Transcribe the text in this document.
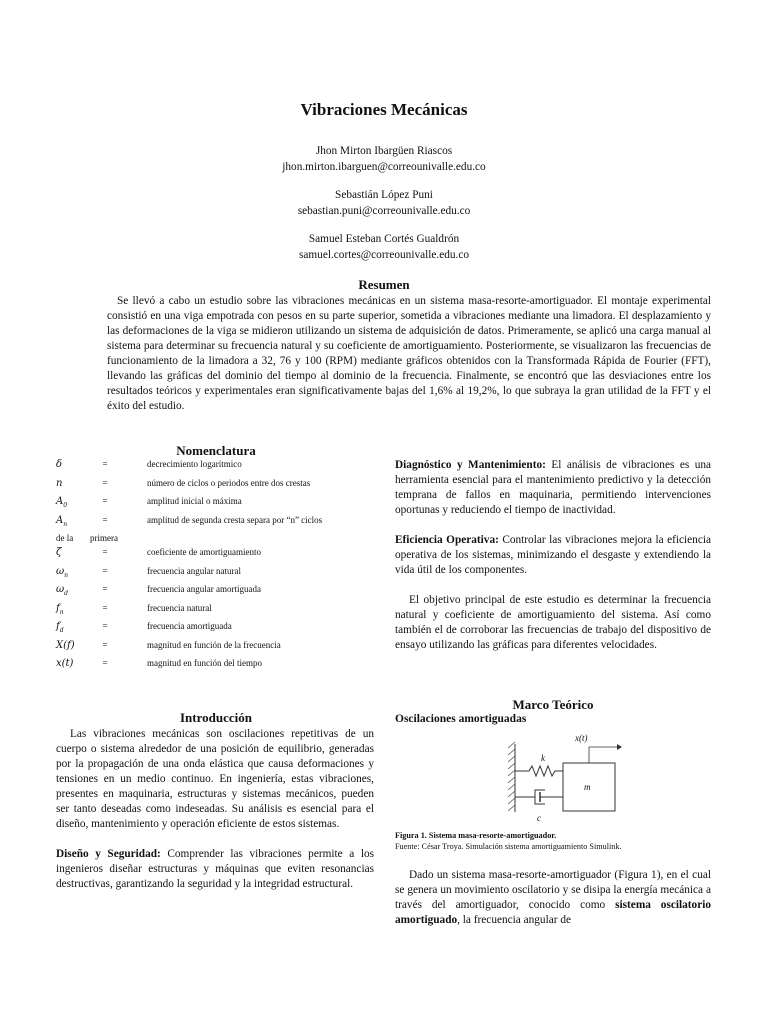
Vibraciones Mecánicas
Jhon Mirton Ibargüen Riascos
jhon.mirton.ibarguen@correounivalle.edu.co
Sebastián López Puni
sebastian.puni@correounivalle.edu.co
Samuel Esteban Cortés Gualdrón
samuel.cortes@correounivalle.edu.co
Resumen

Se llevó a cabo un estudio sobre las vibraciones mecánicas en un sistema masa-resorte-amortiguador. El montaje experimental consistió en una viga empotrada con pesos en su parte superior, sometida a vibraciones mediante una limadora. El desplazamiento y las deformaciones de la viga se midieron utilizando un sistema de adquisición de datos. Primeramente, se aplicó una carga manual al sistema para determinar su frecuencia natural y su coeficiente de amortiguamiento. Posteriormente, se visualizaron las frecuencias de funcionamiento de la limadora a 32, 76 y 100 (RPM) mediante gráficos obtenidos con la Transformada Rápida de Fourier (FFT), llevando las gráficas del dominio del tiempo al dominio de la frecuencia. Finalmente, se encontró que las desviaciones entre los resultados teóricos y experimentales eran significativamente bajas del 1,6% al 19,2%, lo que subraya la gran utilidad de la FFT y el éxito del estudio.

Nomenclatura
δ	=	decrecimiento logarítmico
n	=	número de ciclos o periodos entre dos crestas
$A_0$	=	amplitud inicial o máxima
$A_n$	=	amplitud de segunda cresta separa por “n” ciclos
de la primera
ζ	=	coeficiente de amortiguamiento
$\omega_n$	=	frecuencia angular natural
$\omega_d$	=	frecuencia angular amortiguada
$f_n$	=	frecuencia natural
$f_d$	=	frecuencia amortiguada
X(f)	=	magnitud en función de la frecuencia
x(t)	=	magnitud en función del tiempo
Introducción

Las vibraciones mecánicas son oscilaciones repetitivas de un cuerpo o sistema alrededor de una posición de equilibrio, generadas por la propagación de una onda elástica que causa deformaciones y tensiones en un medio continuo. En ingeniería, estas vibraciones, presentes en maquinaria, estructuras y sistemas mecánicos, pueden ser tanto deseadas como indeseadas. Su análisis es esencial para el diseño, mantenimiento y operación eficiente de estos sistemas.

Diseño y Seguridad: Comprender las vibraciones permite a los ingenieros diseñar estructuras y máquinas que eviten resonancias destructivas, garantizando la seguridad y la integridad estructural.

Diagnóstico y Mantenimiento: El análisis de vibraciones es una herramienta esencial para el mantenimiento predictivo y la detección temprana de fallos en maquinaria, permitiendo intervenciones oportunas y reduciendo el tiempo de inactividad.

Eficiencia Operativa: Controlar las vibraciones mejora la eficiencia operativa de los sistemas, minimizando el desgaste y extendiendo la vida útil de los componentes.

El objetivo principal de este estudio es determinar la frecuencia natural y coeficiente de amortiguamiento del sistema. Así como también el de corroborar las frecuencias de trabajo del dispositivo de ensayo utilizando las gráficas para diferentes velocidades.

Marco Teórico
Oscilaciones amortiguadas
x(t)
k
m
c
Figura 1. Sistema masa-resorte-amortiguador.
Fuente: César Troya. Simulación sistema amortiguamiento Simulink.

Dado un sistema masa-resorte-amortiguador (Figura 1), en el cual se genera un movimiento oscilatorio y se disipa la energía mecánica a través del amortiguador, conocido como sistema oscilatorio amortiguado, la frecuencia angular de
